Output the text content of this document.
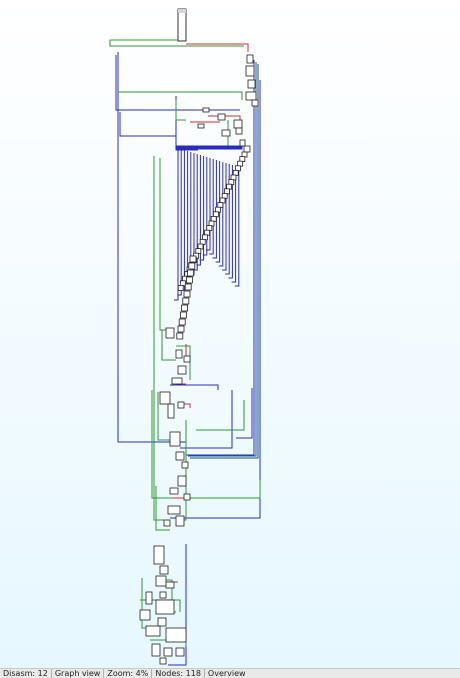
Disasm: 12 Graph view Zoom: 4% Nodes: 118 Overview
